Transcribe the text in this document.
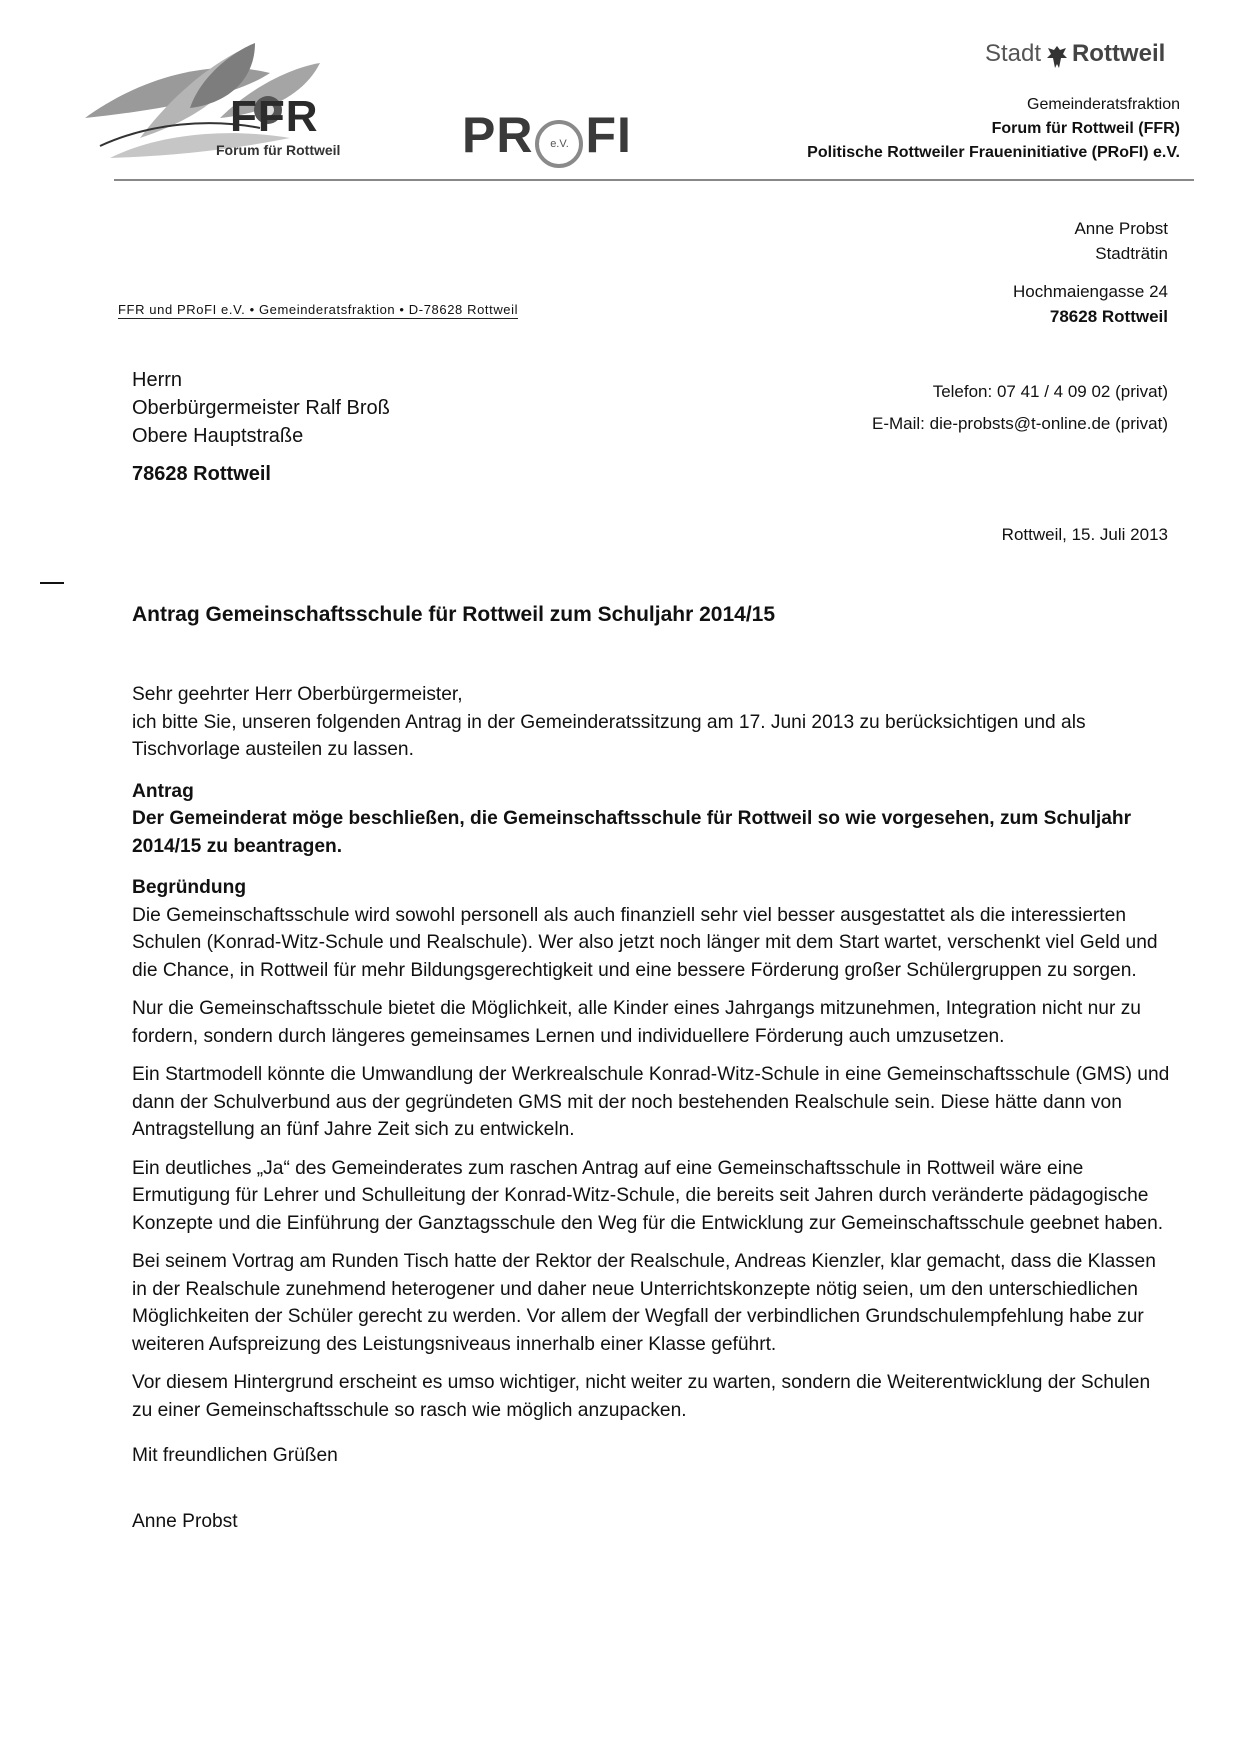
FFR
Forum für Rottweil PR e.V. FI
Stadt Rottweil
Gemeinderatsfraktion
Forum für Rottweil (FFR)
Politische Rottweiler Fraueninitiative (PRoFI) e.V.
Anne Probst
Stadträtin
Hochmaiengasse 24
78628 Rottweil
FFR und PRoFI e.V. • Gemeinderatsfraktion • D-78628 Rottweil
Herrn
Oberbürgermeister Ralf Broß
Obere Hauptstraße
78628 Rottweil
Telefon: 07 41 / 4 09 02 (privat)
E-Mail: die-probsts@t-online.de (privat)
Rottweil, 15. Juli 2013
Antrag Gemeinschaftsschule für Rottweil zum Schuljahr 2014/15

Sehr geehrter Herr Oberbürgermeister,

ich bitte Sie, unseren folgenden Antrag in der Gemeinderatssitzung am 17. Juni 2013 zu berücksichtigen und als Tischvorlage austeilen zu lassen.

Antrag

Der Gemeinderat möge beschließen, die Gemeinschaftsschule für Rottweil so wie vorgesehen, zum Schuljahr 2014/15 zu beantragen.

Begründung

Die Gemeinschaftsschule wird sowohl personell als auch finanziell sehr viel besser ausgestattet als die interessierten Schulen (Konrad-Witz-Schule und Realschule). Wer also jetzt noch länger mit dem Start wartet, verschenkt viel Geld und die Chance, in Rottweil für mehr Bildungsgerechtigkeit und eine bessere Förderung großer Schülergruppen zu sorgen.

Nur die Gemeinschaftsschule bietet die Möglichkeit, alle Kinder eines Jahrgangs mitzunehmen, Integration nicht nur zu fordern, sondern durch längeres gemeinsames Lernen und individuellere Förderung auch umzusetzen.

Ein Startmodell könnte die Umwandlung der Werkrealschule Konrad-Witz-Schule in eine Gemeinschaftsschule (GMS) und dann der Schulverbund aus der gegründeten GMS mit der noch bestehenden Realschule sein. Diese hätte dann von Antragstellung an fünf Jahre Zeit sich zu entwickeln.

Ein deutliches „Ja“ des Gemeinderates zum raschen Antrag auf eine Gemeinschaftsschule in Rottweil wäre eine Ermutigung für Lehrer und Schulleitung der Konrad-Witz-Schule, die bereits seit Jahren durch veränderte pädagogische Konzepte und die Einführung der Ganztagsschule den Weg für die Entwicklung zur Gemeinschaftsschule geebnet haben.

Bei seinem Vortrag am Runden Tisch hatte der Rektor der Realschule, Andreas Kienzler, klar gemacht, dass die Klassen in der Realschule zunehmend heterogener und daher neue Unterrichtskonzepte nötig seien, um den unterschiedlichen Möglichkeiten der Schüler gerecht zu werden. Vor allem der Wegfall der verbindlichen Grundschulempfehlung habe zur weiteren Aufspreizung des Leistungsniveaus innerhalb einer Klasse geführt.

Vor diesem Hintergrund erscheint es umso wichtiger, nicht weiter zu warten, sondern die Weiterentwicklung der Schulen zu einer Gemeinschaftsschule so rasch wie möglich anzupacken.

Mit freundlichen Grüßen

Anne Probst
